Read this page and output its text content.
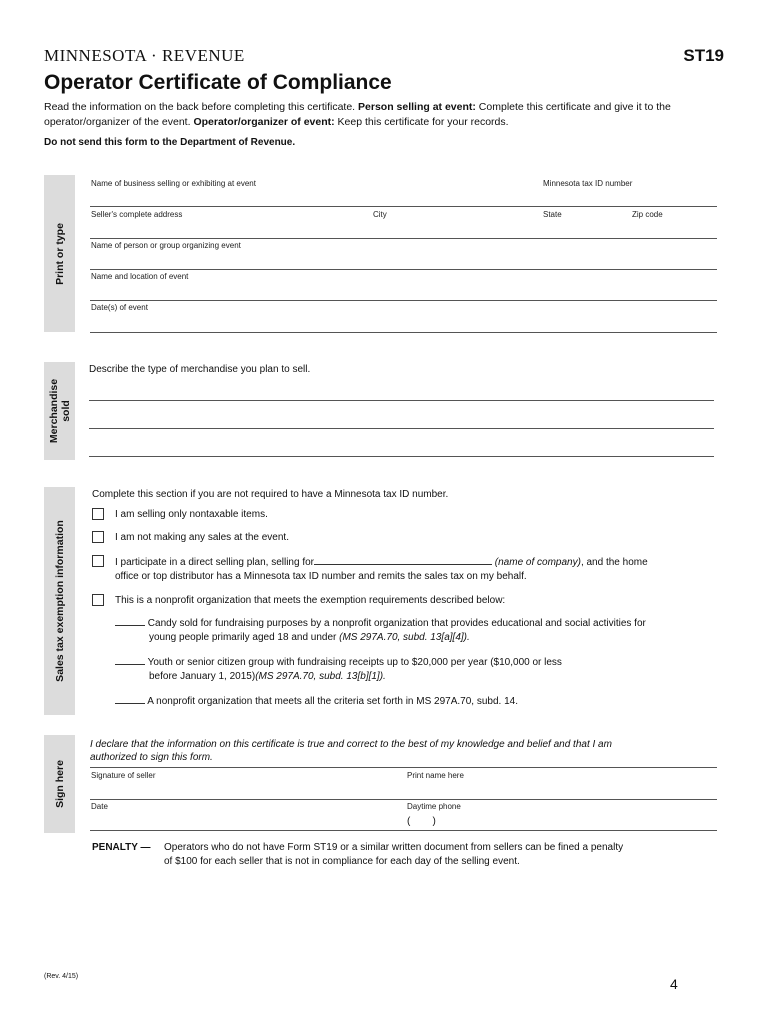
MINNESOTA · REVENUE	ST19
Operator Certificate of Compliance
Read the information on the back before completing this certificate. Person selling at event: Complete this certificate and give it to the operator/organizer of the event. Operator/organizer of event: Keep this certificate for your records.
Do not send this form to the Department of Revenue.
Print or type
Merchandise sold
Sales tax exemption information
Sign here
Name of business selling or exhibiting at event	Minnesota tax ID number
Seller's complete address	City	State	Zip code
Name of person or group organizing event
Name and location of event
Date(s) of event
Describe the type of merchandise you plan to sell.
Complete this section if you are not required to have a Minnesota tax ID number.
I am selling only nontaxable items.
I am not making any sales at the event.
I participate in a direct selling plan, selling for	(name of company), and the home
office or top distributor has a Minnesota tax ID number and remits the sales tax on my behalf.
This is a nonprofit organization that meets the exemption requirements described below:
Candy sold for fundraising purposes by a nonprofit organization that provides educational and social activities for
young people primarily aged 18 and under (MS 297A.70, subd. 13[a][4]).
Youth or senior citizen group with fundraising receipts up to $20,000 per year ($10,000 or less
before January 1, 2015)(MS 297A.70, subd. 13[b][1]).
A nonprofit organization that meets all the criteria set forth in MS 297A.70, subd. 14.
I declare that the information on this certificate is true and correct to the best of my knowledge and belief and that I am
authorized to sign this form.
Signature of seller	Print name here
Date	Daytime phone
(        )
PENALTY — Operators who do not have Form ST19 or a similar written document from sellers can be fined a penalty
of $100 for each seller that is not in compliance for each day of the selling event.
(Rev. 4/15)	4
